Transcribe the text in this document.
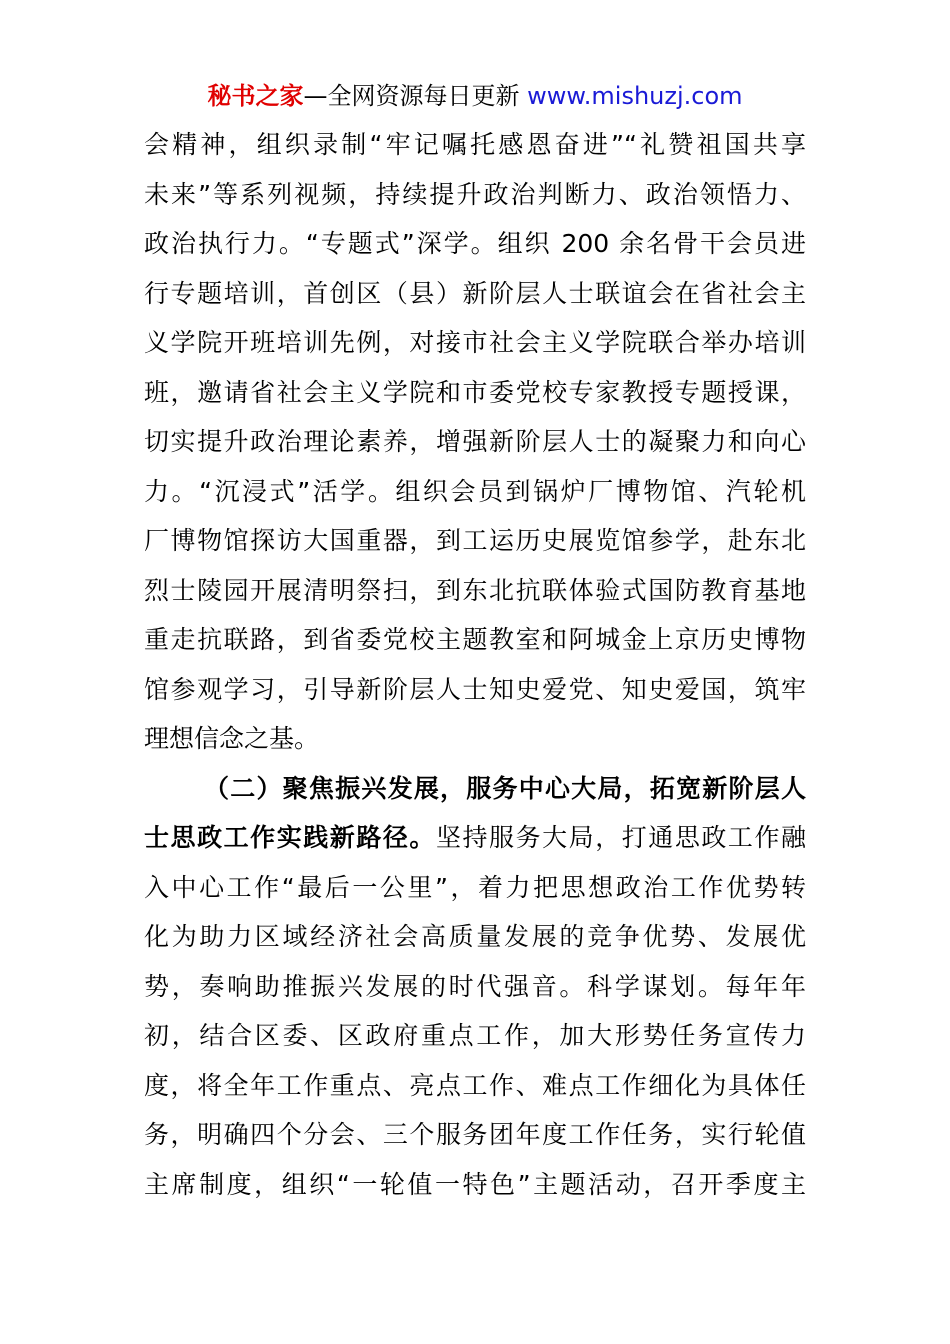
秘书之家—全网资源每日更新 www.mishuzj.com
会精神，组织录制“牢记嘱托感恩奋进”“礼赞祖国共享
未来”等系列视频，持续提升政治判断力、政治领悟力、
政治执行力。“专题式”深学。组织 200 余名骨干会员进
行专题培训，首创区（县）新阶层人士联谊会在省社会主
义学院开班培训先例，对接市社会主义学院联合举办培训
班，邀请省社会主义学院和市委党校专家教授专题授课，
切实提升政治理论素养，增强新阶层人士的凝聚力和向心
力。“沉浸式”活学。组织会员到锅炉厂博物馆、汽轮机
厂博物馆探访大国重器，到工运历史展览馆参学，赴东北
烈士陵园开展清明祭扫，到东北抗联体验式国防教育基地
重走抗联路，到省委党校主题教室和阿城金上京历史博物
馆参观学习，引导新阶层人士知史爱党、知史爱国，筑牢
理想信念之基。
（二）聚焦振兴发展，服务中心大局，拓宽新阶层人
士思政工作实践新路径。坚持服务大局，打通思政工作融
入中心工作“最后一公里”，着力把思想政治工作优势转
化为助力区域经济社会高质量发展的竞争优势、发展优
势，奏响助推振兴发展的时代强音。科学谋划。每年年
初，结合区委、区政府重点工作，加大形势任务宣传力
度，将全年工作重点、亮点工作、难点工作细化为具体任
务，明确四个分会、三个服务团年度工作任务，实行轮值
主席制度，组织“一轮值一特色”主题活动，召开季度主
